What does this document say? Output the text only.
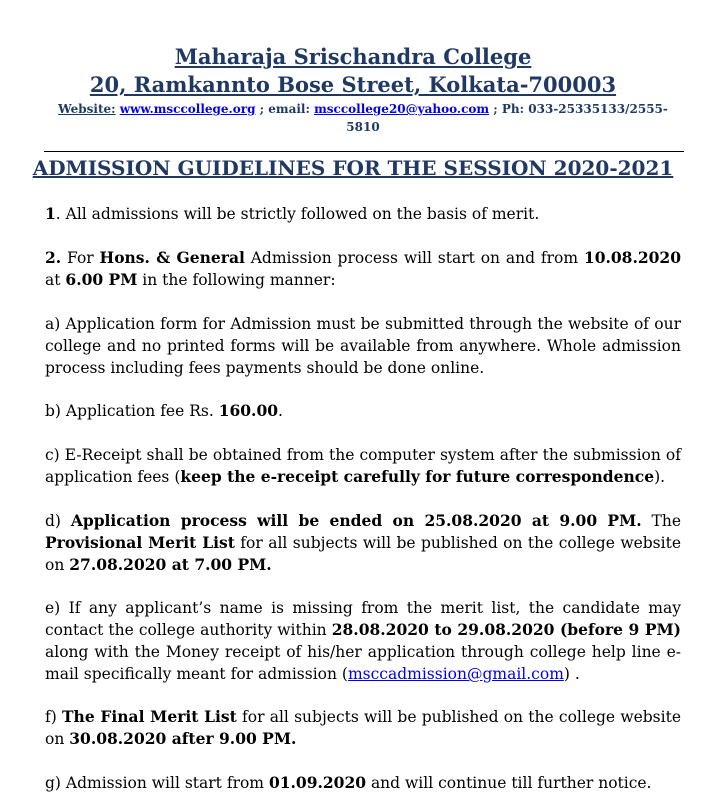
Maharaja Srischandra College
20, Ramkannto Bose Street, Kolkata-700003
Website: www.msccollege.org ; email: msccollege20@yahoo.com ; Ph: 033-25335133/2555-5810
ADMISSION GUIDELINES FOR THE SESSION 2020-2021
1. All admissions will be strictly followed on the basis of merit.
2. For Hons. & General Admission process will start on and from 10.08.2020 at 6.00 PM in the following manner:
a) Application form for Admission must be submitted through the website of our college and no printed forms will be available from anywhere. Whole admission process including fees payments should be done online.
b) Application fee Rs. 160.00.
c) E-Receipt shall be obtained from the computer system after the submission of application fees (keep the e-receipt carefully for future correspondence).
d) Application process will be ended on 25.08.2020 at 9.00 PM. The Provisional Merit List for all subjects will be published on the college website on 27.08.2020 at 7.00 PM.
e) If any applicant’s name is missing from the merit list, the candidate may contact the college authority within 28.08.2020 to 29.08.2020 (before 9 PM) along with the Money receipt of his/her application through college help line e-mail specifically meant for admission (msccadmission@gmail.com) .
f) The Final Merit List for all subjects will be published on the college website on 30.08.2020 after 9.00 PM.
g) Admission will start from 01.09.2020 and will continue till further notice.
